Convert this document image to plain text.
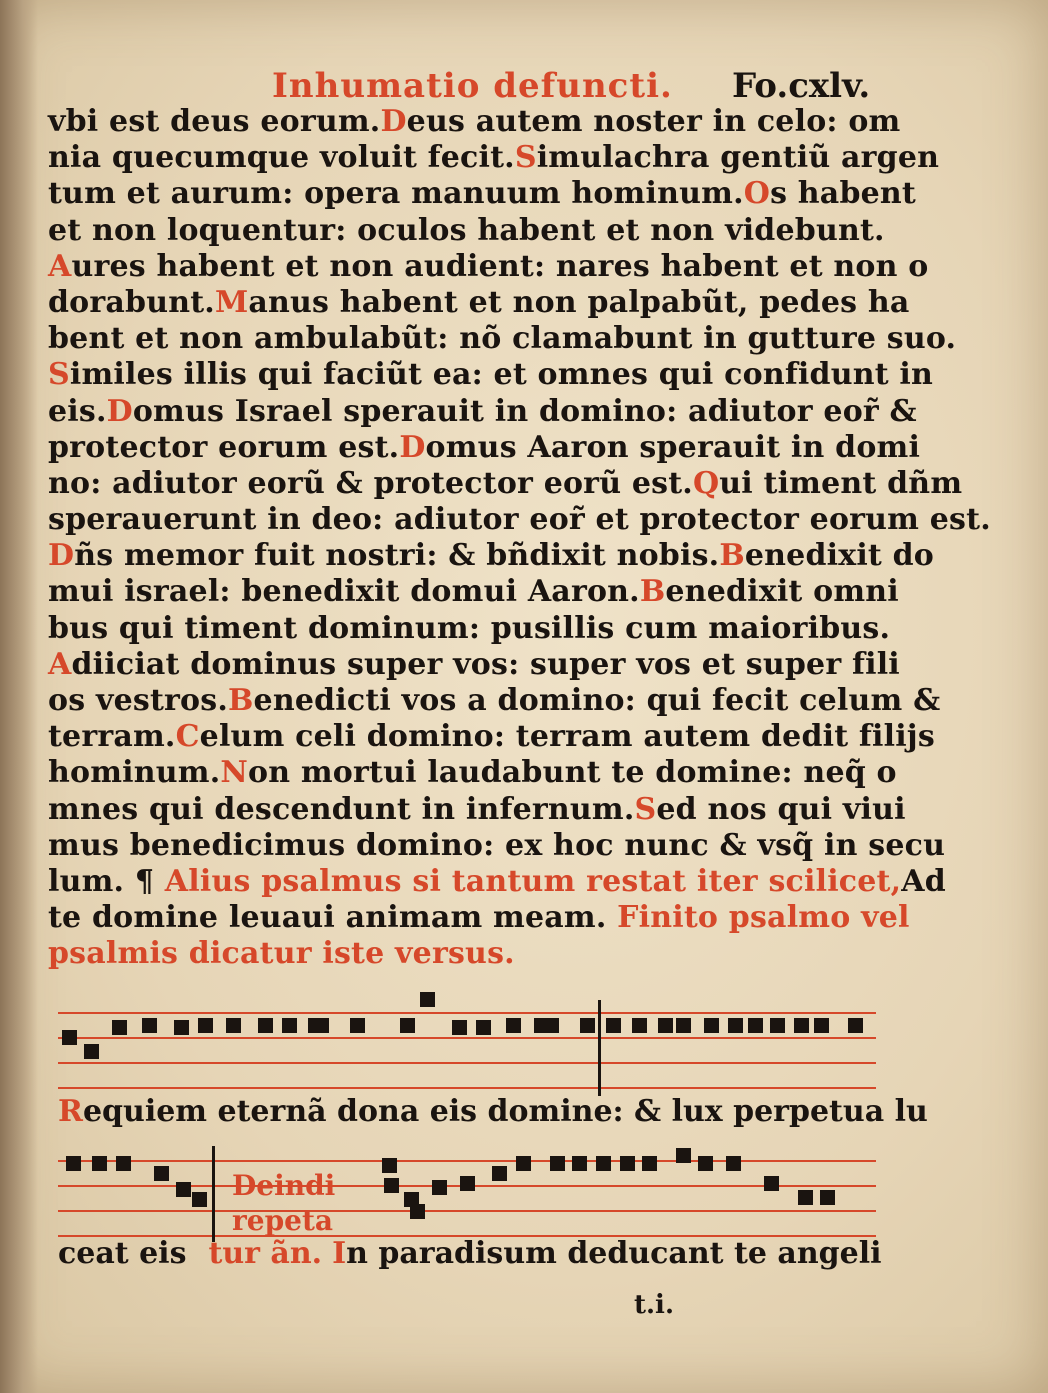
Inhumatio defuncti. Fo.cxlv.
vbi est deus eorum.Deus autem noster in celo: om
nia quecumque voluit fecit.Simulachra gentiũ argen
tum et aurum: opera manuum hominum.Os habent
et non loquentur: oculos habent et non videbunt.
Aures habent et non audient: nares habent et non o
dorabunt.Manus habent et non palpabũt, pedes ha
bent et non ambulabũt: nõ clamabunt in gutture suo.
Similes illis qui faciũt ea: et omnes qui confidunt in
eis.Domus Israel sperauit in domino: adiutor eor̃ &
protector eorum est.Domus Aaron sperauit in domi
no: adiutor eorũ & protector eorũ est.Qui timent dñm
sperauerunt in deo: adiutor eor̃ et protector eorum est.
Dñs memor fuit nostri: & bñdixit nobis.Benedixit do
mui israel: benedixit domui Aaron.Benedixit omni
bus qui timent dominum: pusillis cum maioribus.
Adiiciat dominus super vos: super vos et super fili
os vestros.Benedicti vos a domino: qui fecit celum &
terram.Celum celi domino: terram autem dedit filijs
hominum.Non mortui laudabunt te domine: neq̃ o
mnes qui descendunt in infernum.Sed nos qui viui
mus benedicimus domino: ex hoc nunc & vsq̃ in secu
lum. ¶ Alius psalmus si tantum restat iter scilicet,Ad
te domine leuaui animam meam. Finito psalmo vel
psalmis dicatur iste versus.
Requiem eternã dona eis domine: & lux perpetua lu
Deindi
repeta
ceat eis tur ãn. In paradisum deducant te angeli
t.i.
